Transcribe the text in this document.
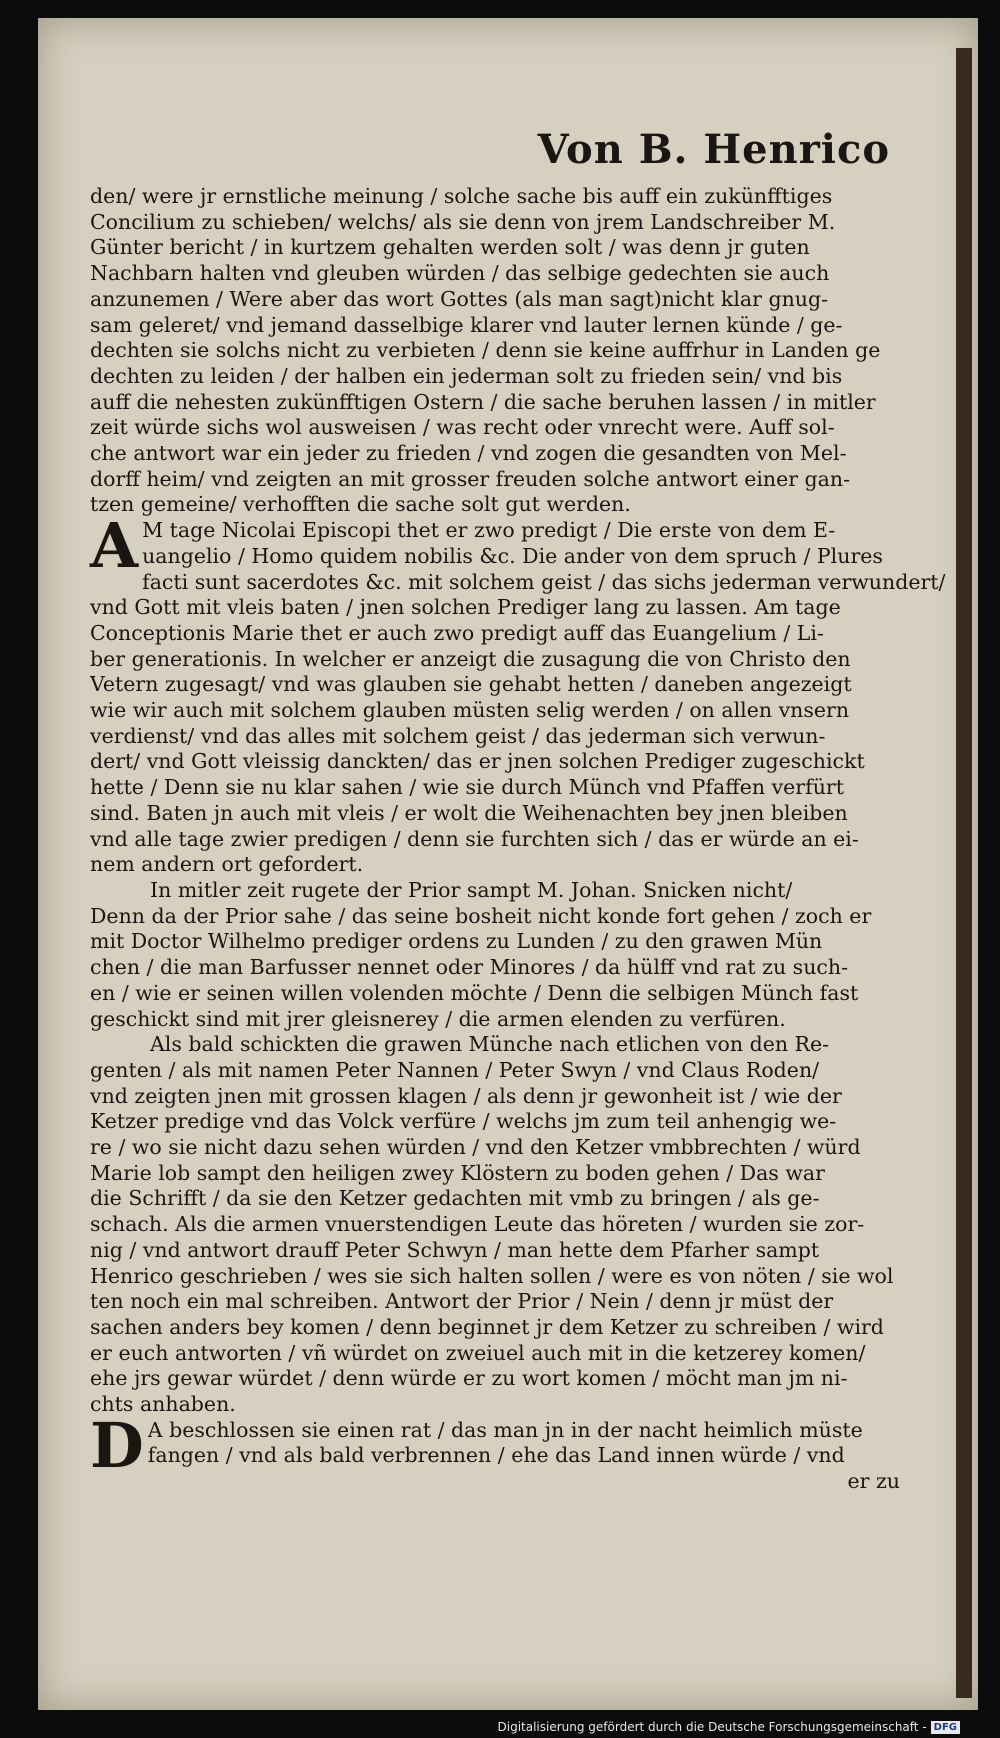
Von B. Henrico
den/ were jr ernstliche meinung / solche sache bis auff ein zukünfftiges
Concilium zu schieben/ welchs/ als sie denn von jrem Landschreiber M.
Günter bericht / in kurtzem gehalten werden solt / was denn jr guten
Nachbarn halten vnd gleuben würden / das selbige gedechten sie auch
anzunemen / Were aber das wort Gottes (als man sagt)nicht klar gnug-
sam geleret/ vnd jemand dasselbige klarer vnd lauter lernen künde / ge-
dechten sie solchs nicht zu verbieten / denn sie keine auffrhur in Landen ge
dechten zu leiden / der halben ein jederman solt zu frieden sein/ vnd bis
auff die nehesten zukünfftigen Ostern / die sache beruhen lassen / in mitler
zeit würde sichs wol ausweisen / was recht oder vnrecht were. Auff sol-
che antwort war ein jeder zu frieden / vnd zogen die gesandten von Mel-
dorff heim/ vnd zeigten an mit grosser freuden solche antwort einer gan-
tzen gemeine/ verhofften die sache solt gut werden.
A M tage Nicolai Episcopi thet er zwo predigt / Die erste von dem E-
uangelio / Homo quidem nobilis &c. Die ander von dem spruch / Plures
facti sunt sacerdotes &c. mit solchem geist / das sichs jederman verwundert/
vnd Gott mit vleis baten / jnen solchen Prediger lang zu lassen. Am tage
Conceptionis Marie thet er auch zwo predigt auff das Euangelium / Li-
ber generationis. In welcher er anzeigt die zusagung die von Christo den
Vetern zugesagt/ vnd was glauben sie gehabt hetten / daneben angezeigt
wie wir auch mit solchem glauben müsten selig werden / on allen vnsern
verdienst/ vnd das alles mit solchem geist / das jederman sich verwun-
dert/ vnd Gott vleissig danckten/ das er jnen solchen Prediger zugeschickt
hette / Denn sie nu klar sahen / wie sie durch Münch vnd Pfaffen verfürt
sind. Baten jn auch mit vleis / er wolt die Weihenachten bey jnen bleiben
vnd alle tage zwier predigen / denn sie furchten sich / das er würde an ei-
nem andern ort gefordert.
In mitler zeit rugete der Prior sampt M. Johan. Snicken nicht/
Denn da der Prior sahe / das seine bosheit nicht konde fort gehen / zoch er
mit Doctor Wilhelmo prediger ordens zu Lunden / zu den grawen Mün
chen / die man Barfusser nennet oder Minores / da hülff vnd rat zu such-
en / wie er seinen willen volenden möchte / Denn die selbigen Münch fast
geschickt sind mit jrer gleisnerey / die armen elenden zu verfüren.
Als bald schickten die grawen Münche nach etlichen von den Re-
genten / als mit namen Peter Nannen / Peter Swyn / vnd Claus Roden/
vnd zeigten jnen mit grossen klagen / als denn jr gewonheit ist / wie der
Ketzer predige vnd das Volck verfüre / welchs jm zum teil anhengig we-
re / wo sie nicht dazu sehen würden / vnd den Ketzer vmbbrechten / würd
Marie lob sampt den heiligen zwey Klöstern zu boden gehen / Das war
die Schrifft / da sie den Ketzer gedachten mit vmb zu bringen / als ge-
schach. Als die armen vnuerstendigen Leute das höreten / wurden sie zor-
nig / vnd antwort drauff Peter Schwyn / man hette dem Pfarher sampt
Henrico geschrieben / wes sie sich halten sollen / were es von nöten / sie wol
ten noch ein mal schreiben. Antwort der Prior / Nein / denn jr müst der
sachen anders bey komen / denn beginnet jr dem Ketzer zu schreiben / wird
er euch antworten / vñ würdet on zweiuel auch mit in die ketzerey komen/
ehe jrs gewar würdet / denn würde er zu wort komen / möcht man jm ni-
chts anhaben.
D A beschlossen sie einen rat / das man jn in der nacht heimlich müste
fangen / vnd als bald verbrennen / ehe das Land innen würde / vnd
er zu
Digitalisierung gefördert durch die Deutsche Forschungsgemeinschaft - DFG
